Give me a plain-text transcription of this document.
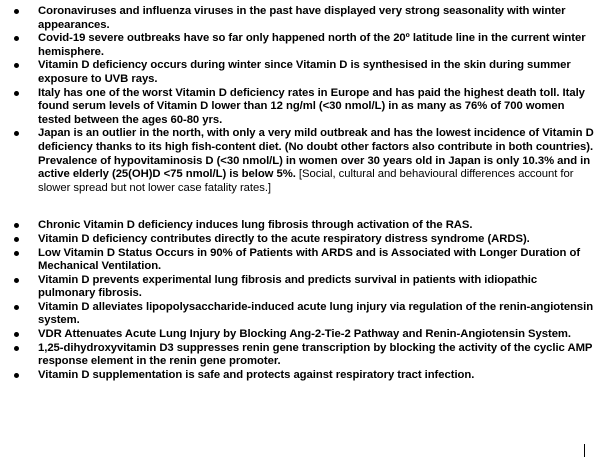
Coronaviruses and influenza viruses in the past have displayed very strong seasonality with winter appearances.
Covid-19 severe outbreaks have so far only happened north of the 20º latitude line in the current winter hemisphere.
Vitamin D deficiency occurs during winter since Vitamin D is synthesised in the skin during summer exposure to UVB rays.
Italy has one of the worst Vitamin D deficiency rates in Europe and has paid the highest death toll. Italy found serum levels of Vitamin D lower than 12 ng/ml (<30 nmol/L) in as many as 76% of 700 women tested between the ages 60-80 yrs.
Japan is an outlier in the north, with only a very mild outbreak and has the lowest incidence of Vitamin D deficiency thanks to its high fish-content diet. (No doubt other factors also contribute in both countries). Prevalence of hypovitaminosis D (<30 nmol/L) in women over 30 years old in Japan is only 10.3% and in active elderly (25(OH)D <75 nmol/L) is below 5%. [Social, cultural and behavioural differences account for slower spread but not lower case fatality rates.]
Chronic Vitamin D deficiency induces lung fibrosis through activation of the RAS.
Vitamin D deficiency contributes directly to the acute respiratory distress syndrome (ARDS).
Low Vitamin D Status Occurs in 90% of Patients with ARDS and is Associated with Longer Duration of Mechanical Ventilation.
Vitamin D prevents experimental lung fibrosis and predicts survival in patients with idiopathic pulmonary fibrosis.
Vitamin D alleviates lipopolysaccharide-induced acute lung injury via regulation of the renin-angiotensin system.
VDR Attenuates Acute Lung Injury by Blocking Ang-2-Tie-2 Pathway and Renin-Angiotensin System.
1,25-dihydroxyvitamin D3 suppresses renin gene transcription by blocking the activity of the cyclic AMP response element in the renin gene promoter.
Vitamin D supplementation is safe and protects against respiratory tract infection.
